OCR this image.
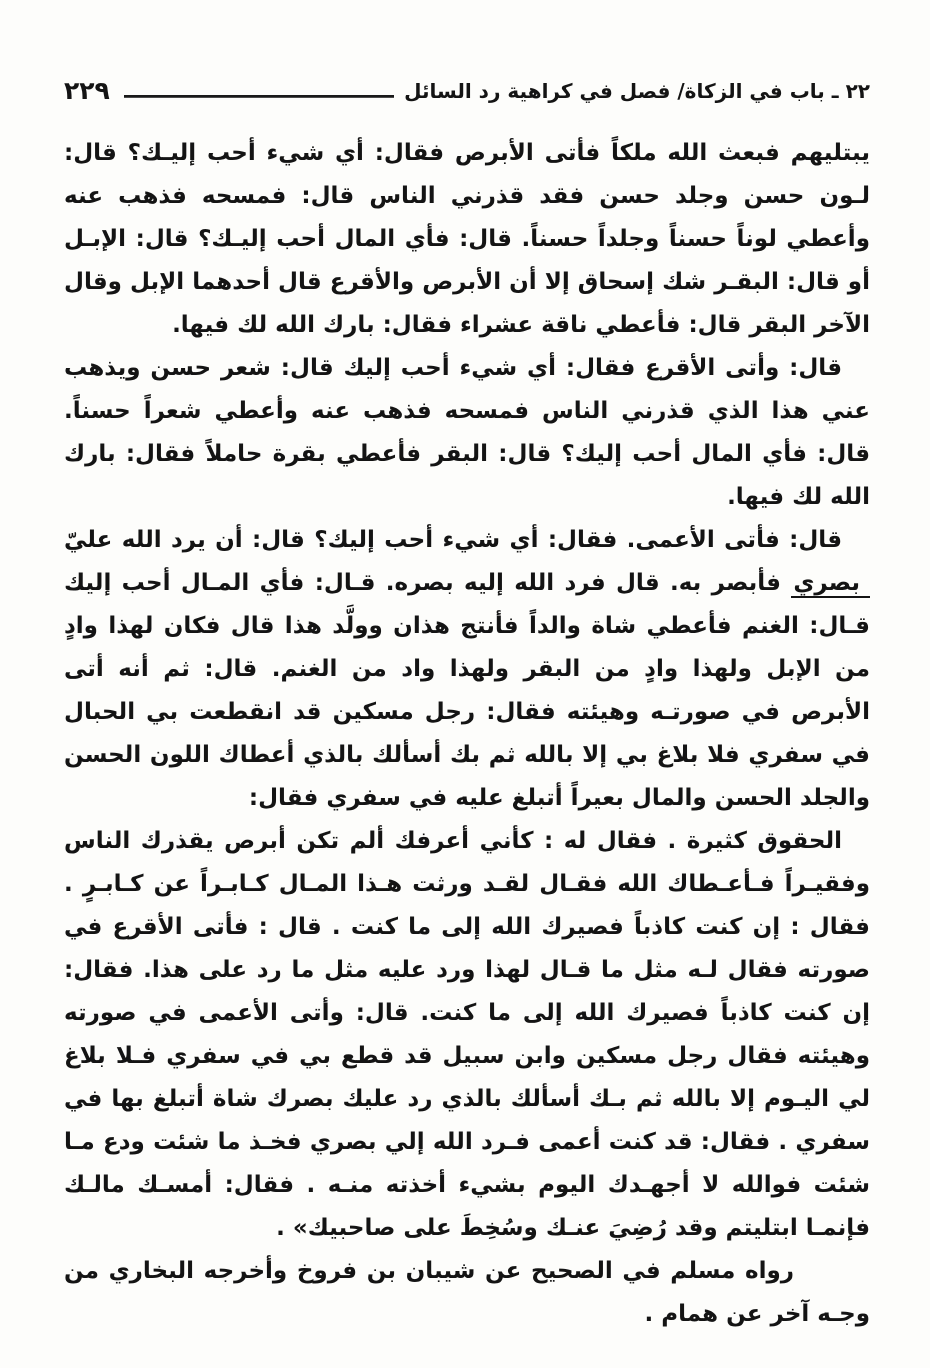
٢٢ ـ باب في الزكاة/ فصل في كراهية رد السائل
٢٢٩

يبتليهم فبعث الله ملكاً فأتى الأبرص فقال: أي شيء أحب إليـك؟ قال: لـون حسن وجلد حسن فقد قذرني الناس قال: فمسحه فذهب عنه وأعطي لوناً حسناً وجلداً حسناً. قال: فأي المال أحب إليـك؟ قال: الإبـل أو قال: البقـر شك إسحاق إلا أن الأبرص والأقرع قال أحدهما الإبل وقال الآخر البقر قال: فأعطي ناقة عشراء فقال: بارك الله لك فيها.

قال: وأتى الأقرع فقال: أي شيء أحب إليك قال: شعر حسن ويذهب عني هذا الذي قذرني الناس فمسحه فذهب عنه وأعطي شعراً حسناً. قال: فأي المال أحب إليك؟ قال: البقر فأعطي بقرة حاملاً فقال: بارك الله لك فيها.

قال: فأتى الأعمى. فقال: أي شيء أحب إليك؟ قال: أن يرد الله عليّ بصري فأبصر به. قال فرد الله إليه بصره. قـال: فأي المـال أحب إليك قـال: الغنم فأعطي شاة والداً فأنتج هذان وولَّد هذا قال فكان لهذا وادٍ من الإبل ولهذا وادٍ من البقر ولهذا واد من الغنم. قال: ثم أنه أتى الأبرص في صورتـه وهيئته فقال: رجل مسكين قد انقطعت بي الحبال في سفري فلا بلاغ بي إلا بالله ثم بك أسألك بالذي أعطاك اللون الحسن والجلد الحسن والمال بعيراً أتبلغ عليه في سفري فقال:

الحقوق كثيرة . فقال له : كأني أعرفك ألم تكن أبرص يقذرك الناس وفقيـراً فـأعـطاك الله فقـال لقـد ورثت هـذا المـال كـابـراً عن كـابـرٍ . فقال : إن كنت كاذباً فصيرك الله إلى ما كنت . قال : فأتى الأقرع في صورته فقال لـه مثل ما قـال لهذا ورد عليه مثل ما رد على هذا. فقال: إن كنت كاذباً فصيرك الله إلى ما كنت. قال: وأتى الأعمى في صورته وهيئته فقال رجل مسكين وابن سبيل قد قطع بي في سفري فـلا بلاغ لي اليـوم إلا بالله ثم بـك أسألك بالذي رد عليك بصرك شاة أتبلغ بها في سفري . فقال: قد كنت أعمى فـرد الله إلي بصري فخـذ ما شئت ودع مـا شئت فوالله لا أجهـدك اليوم بشيء أخذته منـه . فقال: أمسـك مالـك فإنمـا ابتليتم وقد رُضِيَ عنـك وسُخِطَ على صاحبيك» .

رواه مسلم في الصحيح عن شيبان بن فروخ وأخرجه البخاري من وجـه آخر عن همام .
